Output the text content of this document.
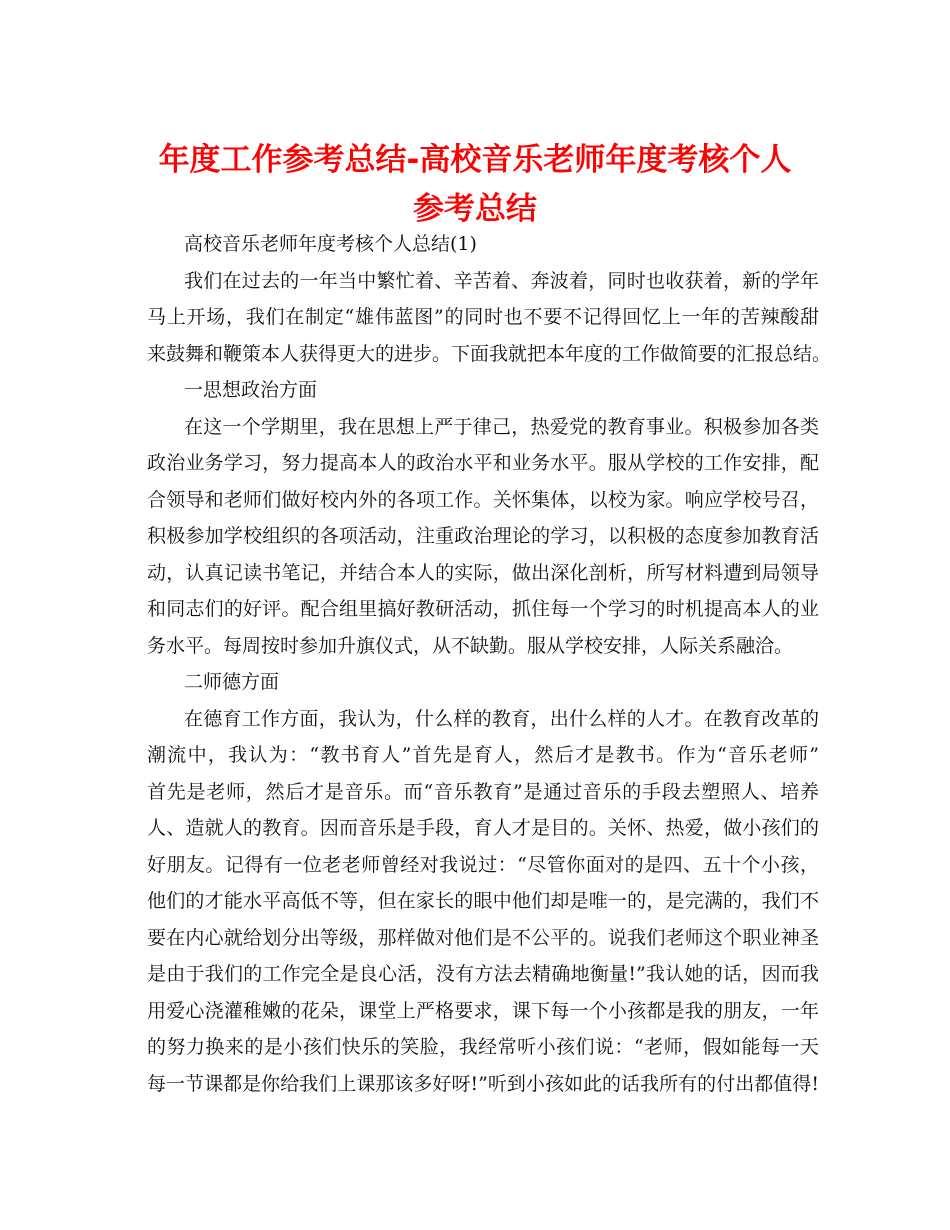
年度工作参考总结-高校音乐老师年度考核个人
参考总结
高校音乐老师年度考核个人总结(1)
我们在过去的一年当中繁忙着、辛苦着、奔波着，同时也收获着，新的学年
马上开场，我们在制定“雄伟蓝图”的同时也不要不记得回忆上一年的苦辣酸甜
来鼓舞和鞭策本人获得更大的进步。下面我就把本年度的工作做简要的汇报总结。
一思想政治方面
在这一个学期里，我在思想上严于律己，热爱党的教育事业。积极参加各类
政治业务学习，努力提高本人的政治水平和业务水平。服从学校的工作安排，配
合领导和老师们做好校内外的各项工作。关怀集体，以校为家。响应学校号召，
积极参加学校组织的各项活动，注重政治理论的学习，以积极的态度参加教育活
动，认真记读书笔记，并结合本人的实际，做出深化剖析，所写材料遭到局领导
和同志们的好评。配合组里搞好教研活动，抓住每一个学习的时机提高本人的业
务水平。每周按时参加升旗仪式，从不缺勤。服从学校安排，人际关系融洽。
二师德方面
在德育工作方面，我认为，什么样的教育，出什么样的人才。在教育改革的
潮流中，我认为：“教书育人”首先是育人，然后才是教书。作为“音乐老师”
首先是老师，然后才是音乐。而“音乐教育”是通过音乐的手段去塑照人、培养
人、造就人的教育。因而音乐是手段，育人才是目的。关怀、热爱，做小孩们的
好朋友。记得有一位老老师曾经对我说过：“尽管你面对的是四、五十个小孩，
他们的才能水平高低不等，但在家长的眼中他们却是唯一的，是完满的，我们不
要在内心就给划分出等级，那样做对他们是不公平的。说我们老师这个职业神圣
是由于我们的工作完全是良心活，没有方法去精确地衡量!”我认她的话，因而我
用爱心浇灌稚嫩的花朵，课堂上严格要求，课下每一个小孩都是我的朋友，一年
的努力换来的是小孩们快乐的笑脸，我经常听小孩们说：“老师，假如能每一天
每一节课都是你给我们上课那该多好呀!”听到小孩如此的话我所有的付出都值得!
